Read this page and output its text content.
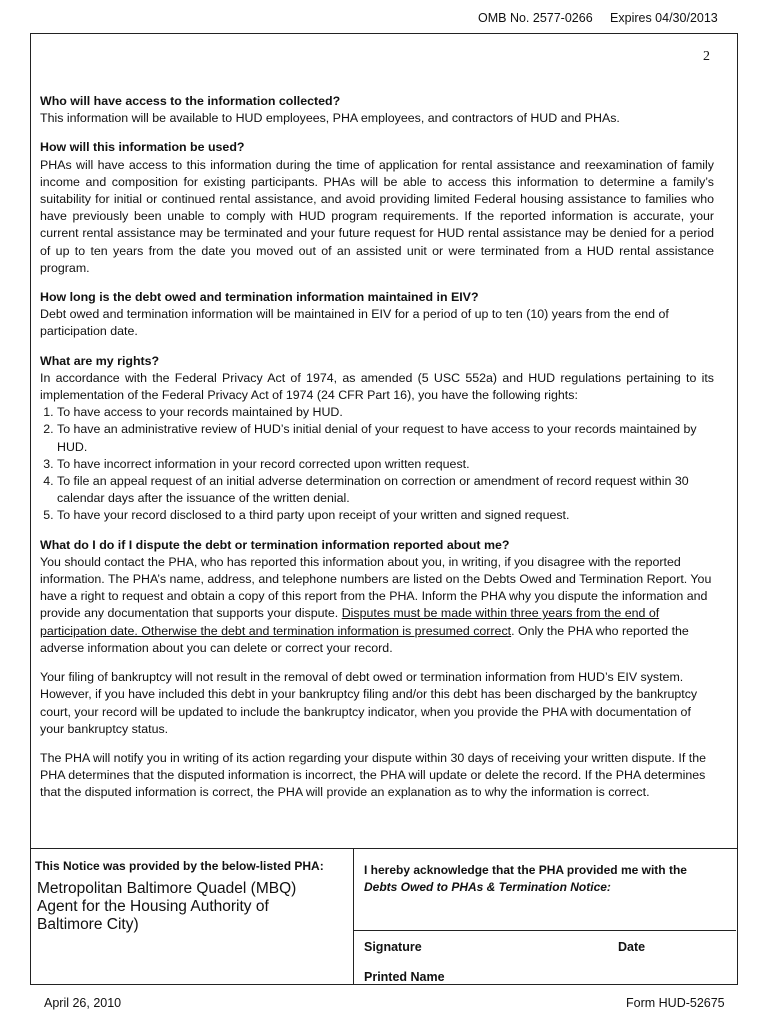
OMB No. 2577-0266 Expires 04/30/2013
2
Who will have access to the information collected?
This information will be available to HUD employees, PHA employees, and contractors of HUD and PHAs.
How will this information be used?
PHAs will have access to this information during the time of application for rental assistance and reexamination of family income and composition for existing participants. PHAs will be able to access this information to determine a family’s suitability for initial or continued rental assistance, and avoid providing limited Federal housing assistance to families who have previously been unable to comply with HUD program requirements. If the reported information is accurate, your current rental assistance may be terminated and your future request for HUD rental assistance may be denied for a period of up to ten years from the date you moved out of an assisted unit or were terminated from a HUD rental assistance program.
How long is the debt owed and termination information maintained in EIV?
Debt owed and termination information will be maintained in EIV for a period of up to ten (10) years from the end of participation date.
What are my rights?
In accordance with the Federal Privacy Act of 1974, as amended (5 USC 552a) and HUD regulations pertaining to its implementation of the Federal Privacy Act of 1974 (24 CFR Part 16), you have the following rights:
1. To have access to your records maintained by HUD.
2. To have an administrative review of HUD’s initial denial of your request to have access to your records maintained by HUD.
3. To have incorrect information in your record corrected upon written request.
4. To file an appeal request of an initial adverse determination on correction or amendment of record request within 30 calendar days after the issuance of the written denial.
5. To have your record disclosed to a third party upon receipt of your written and signed request.
What do I do if I dispute the debt or termination information reported about me?
You should contact the PHA, who has reported this information about you, in writing, if you disagree with the reported information. The PHA’s name, address, and telephone numbers are listed on the Debts Owed and Termination Report. You have a right to request and obtain a copy of this report from the PHA. Inform the PHA why you dispute the information and provide any documentation that supports your dispute. Disputes must be made within three years from the end of participation date. Otherwise the debt and termination information is presumed correct. Only the PHA who reported the adverse information about you can delete or correct your record.
Your filing of bankruptcy will not result in the removal of debt owed or termination information from HUD’s EIV system. However, if you have included this debt in your bankruptcy filing and/or this debt has been discharged by the bankruptcy court, your record will be updated to include the bankruptcy indicator, when you provide the PHA with documentation of your bankruptcy status.
The PHA will notify you in writing of its action regarding your dispute within 30 days of receiving your written dispute. If the PHA determines that the disputed information is incorrect, the PHA will update or delete the record. If the PHA determines that the disputed information is correct, the PHA will provide an explanation as to why the information is correct.
This Notice was provided by the below-listed PHA:
Metropolitan Baltimore Quadel (MBQ) Agent for the Housing Authority of Baltimore City)
I hereby acknowledge that the PHA provided me with the
Debts Owed to PHAs & Termination Notice:
Signature	Date
Printed Name
April 26, 2010	Form HUD-52675
